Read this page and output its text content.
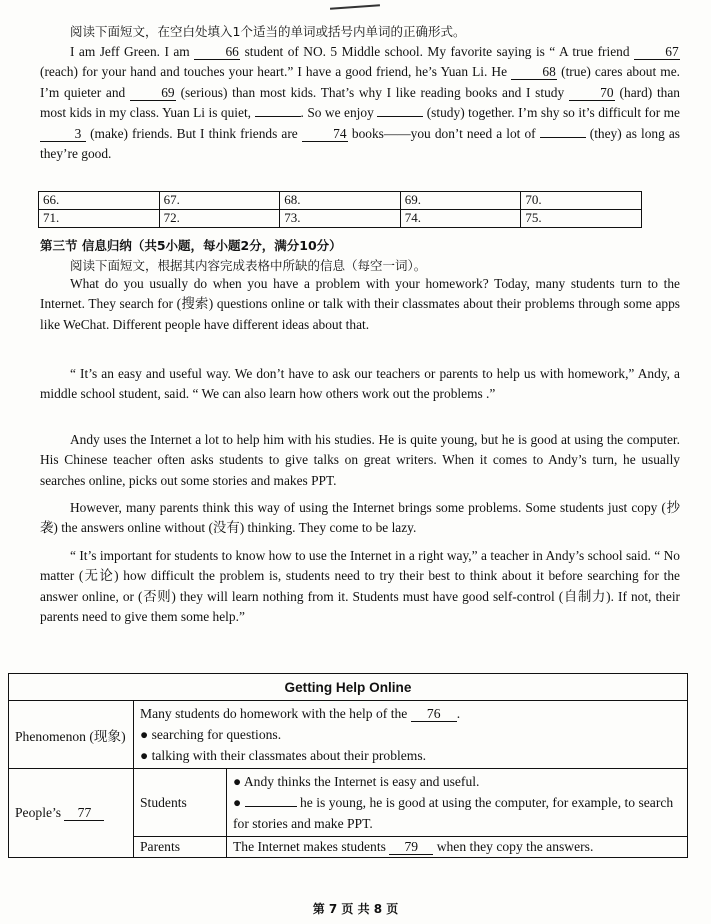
阅读下面短文，在空白处填入1个适当的单词或括号内单词的正确形式。

I am Jeff Green. I am 66 student of NO. 5 Middle school. My favorite saying is “ A true friend 67 (reach) for your hand and touches your heart.” I have a good friend, he’s Yuan Li. He 68 (true) cares about me. I’m quieter and 69 (serious) than most kids. That’s why I like reading books and I study 70 (hard) than most kids in my class. Yuan Li is quiet,	. So we enjoy	(study) together. I’m shy so it’s difficult for me 3 (make) friends. But I think friends are 74 books——you don’t need a lot of	(they) as long as they’re good.

66.	67.	68.	69.	70.
71.	72.	73.	74.	75.
第三节 信息归纳（共5小题，每小题2分，满分10分）

阅读下面短文，根据其内容完成表格中所缺的信息（每空一词）。

What do you usually do when you have a problem with your homework? Today, many students turn to the Internet. They search for (搜索) questions online or talk with their classmates about their problems through some apps like WeChat. Different people have different ideas about that.

“ It’s an easy and useful way. We don’t have to ask our teachers or parents to help us with homework,” Andy, a middle school student, said. “ We can also learn how others work out the problems .”

Andy uses the Internet a lot to help him with his studies. He is quite young, but he is good at using the computer. His Chinese teacher often asks students to give talks on great writers. When it comes to Andy’s turn, he usually searches online, picks out some stories and makes PPT.

However, many parents think this way of using the Internet brings some problems. Some students just copy (抄袭) the answers online without (没有) thinking. They come to be lazy.

“ It’s important for students to know how to use the Internet in a right way,” a teacher in Andy’s school said. “ No matter (无论) how difficult the problem is, students need to try their best to think about it before searching for the answer online, or (否则) they will learn nothing from it. Students must have good self-control (自制力). If not, their parents need to give them some help.”

Getting Help Online		
Phenomenon (现象)	Many students do homework with the help of the 76 .
● searching for questions.
● talking with their classmates about their problems.	
People’s 77	Students	● Andy thinks the Internet is easy and useful.
● he is young, he is good at using the computer, for example, to search for stories and make PPT.
	Parents	The Internet makes students 79 when they copy the answers.
第 7 页 共 8 页
